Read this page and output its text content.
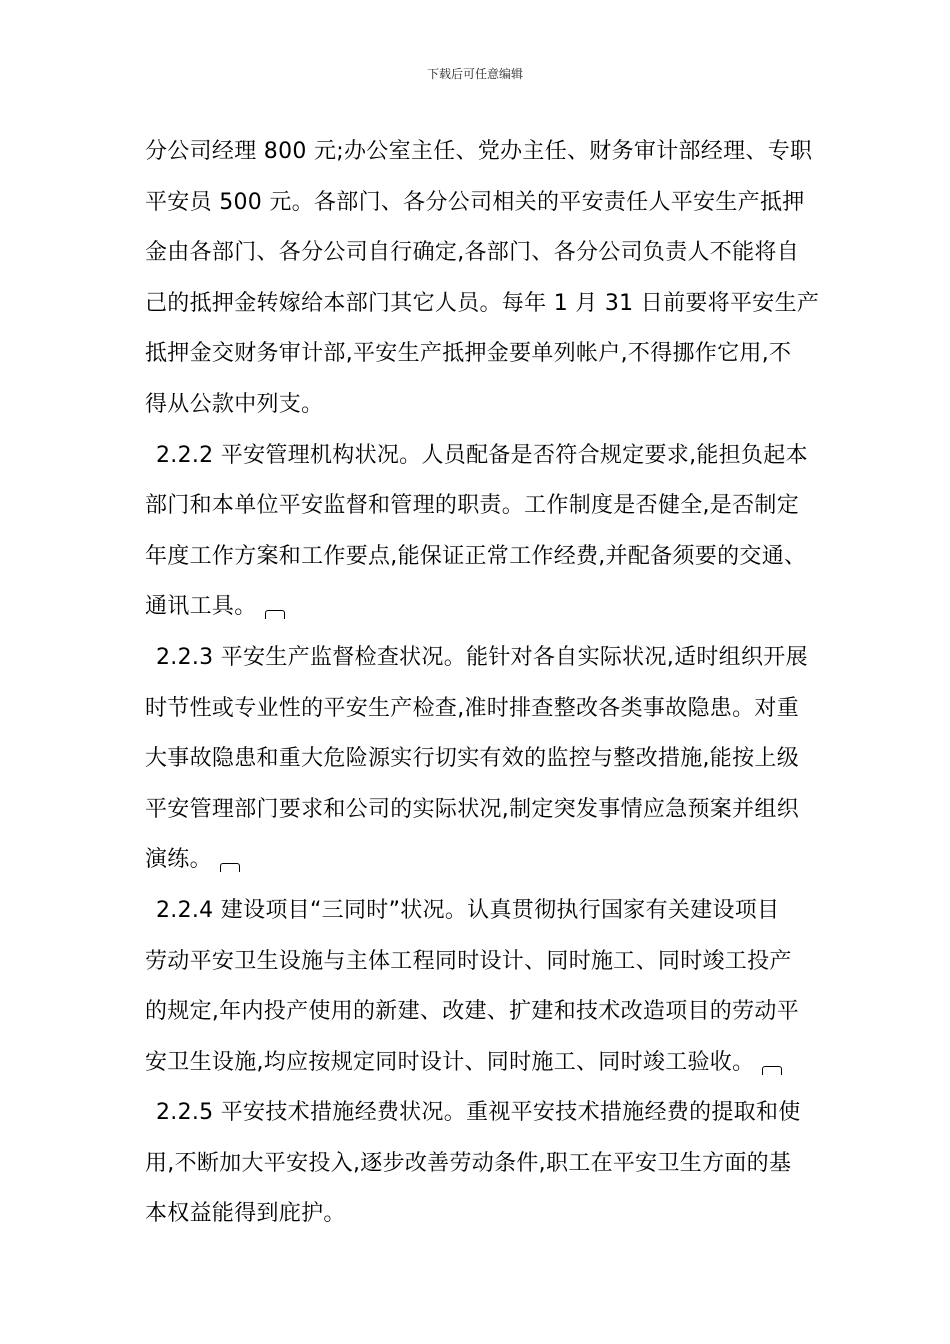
下载后可任意编辑
分公司经理 800 元;办公室主任、党办主任、财务审计部经理、专职
平安员 500 元。各部门、各分公司相关的平安责任人平安生产抵押
金由各部门、各分公司自行确定,各部门、各分公司负责人不能将自
己的抵押金转嫁给本部门其它人员。每年 1 月 31 日前要将平安生产
抵押金交财务审计部,平安生产抵押金要单列帐户,不得挪作它用,不
得从公款中列支。
2.2.2 平安管理机构状况。人员配备是否符合规定要求,能担负起本
部门和本单位平安监督和管理的职责。工作制度是否健全,是否制定
年度工作方案和工作要点,能保证正常工作经费,并配备须要的交通、
通讯工具。
2.2.3 平安生产监督检查状况。能针对各自实际状况,适时组织开展
时节性或专业性的平安生产检查,准时排查整改各类事故隐患。对重
大事故隐患和重大危险源实行切实有效的监控与整改措施,能按上级
平安管理部门要求和公司的实际状况,制定突发事情应急预案并组织
演练。
2.2.4 建设项目“三同时”状况。认真贯彻执行国家有关建设项目
劳动平安卫生设施与主体工程同时设计、同时施工、同时竣工投产
的规定,年内投产使用的新建、改建、扩建和技术改造项目的劳动平
安卫生设施,均应按规定同时设计、同时施工、同时竣工验收。
2.2.5 平安技术措施经费状况。重视平安技术措施经费的提取和使
用,不断加大平安投入,逐步改善劳动条件,职工在平安卫生方面的基
本权益能得到庇护。
